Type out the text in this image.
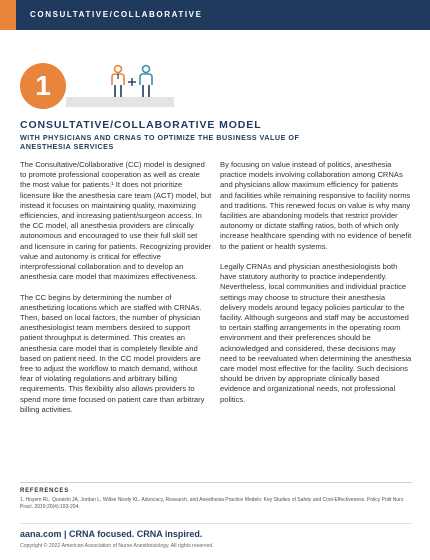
CONSULTATIVE/COLLABORATIVE
1
CONSULTATIVE/COLLABORATIVE MODEL
WITH PHYSICIANS AND CRNAS TO OPTIMIZE THE BUSINESS VALUE OF ANESTHESIA SERVICES

The Consultative/Collaborative (CC) model is designed to promote professional cooperation as well as create the most value for patients.¹ It does not prioritize licensure like the anesthesia care team (ACT) model, but instead it focuses on maintaining quality, maximizing efficiencies, and increasing patient/surgeon access. In the CC model, all anesthesia providers are clinically autonomous and encouraged to use their full skill set and licensure in caring for patients. Recognizing provider value and autonomy is critical for effective interprofessional collaboration and to develop an anesthesia care model that maximizes effectiveness.

The CC begins by determining the number of anesthetizing locations which are staffed with CRNAs. Then, based on local factors, the number of physician anesthesiologist team members desired to support patient throughput is determined. This creates an anesthesia care model that is completely flexible and based on patient need. In the CC model providers are free to adjust the workflow to match demand, without fear of violating regulations and arbitrary billing requirements. This flexibility also allows providers to spend more time focused on patient care than arbitrary billing activities.

By focusing on value instead of politics, anesthesia practice models involving collaboration among CRNAs and physicians allow maximum efficiency for patients and facilities while remaining responsive to facility norms and traditions. This renewed focus on value is why many facilities are abandoning models that restrict provider autonomy or dictate staffing ratios, both of which only increase healthcare spending with no evidence of benefit to the patient or health systems.

Legally CRNAs and physician anesthesiologists both have statutory authority to practice independently. Nevertheless, local communities and individual practice settings may choose to structure their anesthesia delivery models around legacy policies particular to the facility. Although surgeons and staff may be accustomed to certain staffing arrangements in the operating room environment and their preferences should be acknowledged and considered, these decisions may need to be reevaluated when determining the anesthesia care model most effective for the facility. Such decisions should be driven by appropriate clinically based evidence and organizational needs, not professional politics.

REFERENCES
1. Hoyem RL, Quraishi JA, Jordan L, Wiltse Nicely KL. Advocacy, Research, and Anesthesia Practice Models: Key Studies of Safety and Cost-Effectiveness. Policy Polit Nurs Pract. 2019;20(4):193-204.
aana.com | CRNA focused. CRNA inspired.
Copyright © 2022 American Association of Nurse Anesthesiology. All rights reserved.
